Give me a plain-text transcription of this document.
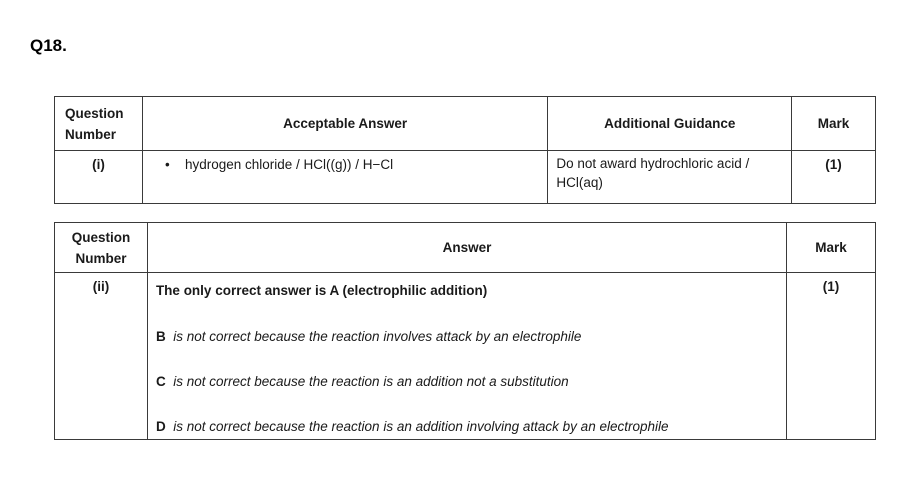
Q18.
Question Number	Acceptable Answer	Additional Guidance	Mark
(i)	• hydrogen chloride / HCl((g)) / H−Cl	Do not award hydrochloric acid / HCl(aq)	(1)
Question Number	Answer	Mark
(ii)	The only correct answer is A (electrophilic addition)

B is not correct because the reaction involves attack by an electrophile

C is not correct because the reaction is an addition not a substitution

D is not correct because the reaction is an addition involving attack by an electrophile	(1)
